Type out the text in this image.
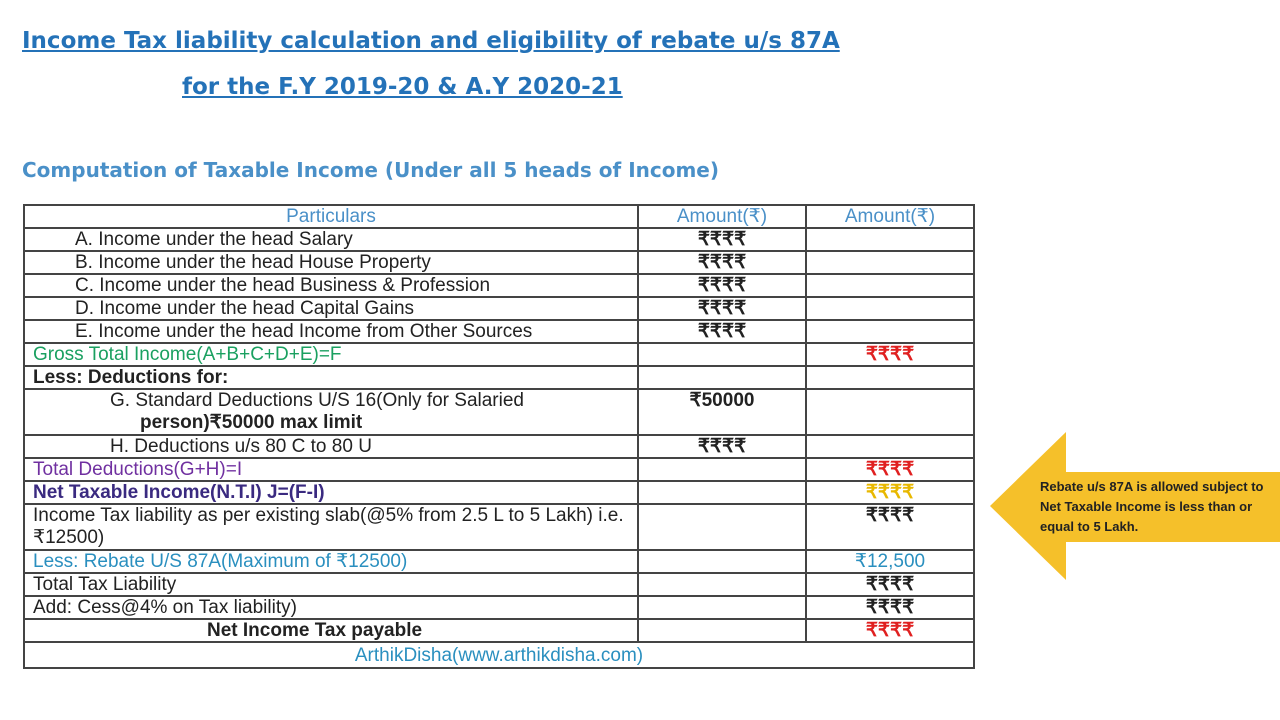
Income Tax liability calculation and eligibility of rebate u/s 87A
for the F.Y 2019-20 & A.Y 2020-21
Computation of Taxable Income (Under all 5 heads of Income)
Particulars	Amount(₹)	Amount(₹)
A. Income under the head Salary	₹₹₹₹	
B. Income under the head House Property	₹₹₹₹	
C. Income under the head Business & Profession	₹₹₹₹	
D. Income under the head Capital Gains	₹₹₹₹	
E. Income under the head Income from Other Sources	₹₹₹₹	
Gross Total Income(A+B+C+D+E)=F		₹₹₹₹
Less: Deductions for:		

G. Standard Deductions U/S 16(Only for Salaried
person)₹50000 max limit	₹50000	
H. Deductions u/s 80 C to 80 U	₹₹₹₹	
Total Deductions(G+H)=I		₹₹₹₹
Net Taxable Income(N.T.I) J=(F-I)		₹₹₹₹
Income Tax liability as per existing slab(@5% from 2.5 L to 5 Lakh) i.e. ₹12500)		₹₹₹₹
Less: Rebate U/S 87A(Maximum of ₹12500)		₹12,500
Total Tax Liability		₹₹₹₹
Add: Cess@4% on Tax liability)		₹₹₹₹
Net Income Tax payable		₹₹₹₹
ArthikDisha(www.arthikdisha.com)		
Rebate u/s 87A is allowed subject to Net Taxable Income is less than or equal to 5 Lakh.
